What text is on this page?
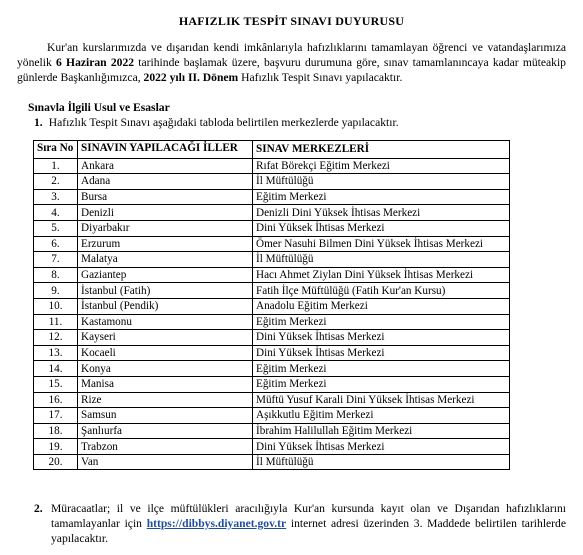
HAFIZLIK TESPİT SINAVI DUYURUSU
Kur'an kurslarımızda ve dışarıdan kendi imkânlarıyla hafızlıklarını tamamlayan öğrenci ve vatandaşlarımıza yönelik 6 Haziran 2022 tarihinde başlamak üzere, başvuru durumuna göre, sınav tamamlanıncaya kadar müteakip günlerde Başkanlığımızca, 2022 yılı II. Dönem Hafızlık Tespit Sınavı yapılacaktır.
Sınavla İlgili Usul ve Esaslar
1. Hafızlık Tespit Sınavı aşağıdaki tabloda belirtilen merkezlerde yapılacaktır.
Sıra No	SINAVIN YAPILACAĞI İLLER	SINAV MERKEZLERİ
1.	Ankara	Rıfat Börekçi Eğitim Merkezi
2.	Adana	İl Müftülüğü
3.	Bursa	Eğitim Merkezi
4.	Denizli	Denizli Dini Yüksek İhtisas Merkezi
5.	Diyarbakır	Dini Yüksek İhtisas Merkezi
6.	Erzurum	Ömer Nasuhi Bilmen Dini Yüksek İhtisas Merkezi
7.	Malatya	İl Müftülüğü
8.	Gaziantep	Hacı Ahmet Ziylan Dini Yüksek İhtisas Merkezi
9.	İstanbul (Fatih)	Fatih İlçe Müftülüğü (Fatih Kur'an Kursu)
10.	İstanbul (Pendik)	Anadolu Eğitim Merkezi
11.	Kastamonu	Eğitim Merkezi
12.	Kayseri	Dini Yüksek İhtisas Merkezi
13.	Kocaeli	Dini Yüksek İhtisas Merkezi
14.	Konya	Eğitim Merkezi
15.	Manisa	Eğitim Merkezi
16.	Rize	Müftü Yusuf Karali Dini Yüksek İhtisas Merkezi
17.	Samsun	Aşıkkutlu Eğitim Merkezi
18.	Şanlıurfa	İbrahim Halilullah Eğitim Merkezi
19.	Trabzon	Dini Yüksek İhtisas Merkezi
20.	Van	İl Müftülüğü
2. Müracaatlar; il ve ilçe müftülükleri aracılığıyla Kur'an kursunda kayıt olan ve Dışarıdan hafızlıklarını tamamlayanlar için https://dibbys.diyanet.gov.tr internet adresi üzerinden 3. Maddede belirtilen tarihlerde yapılacaktır.
